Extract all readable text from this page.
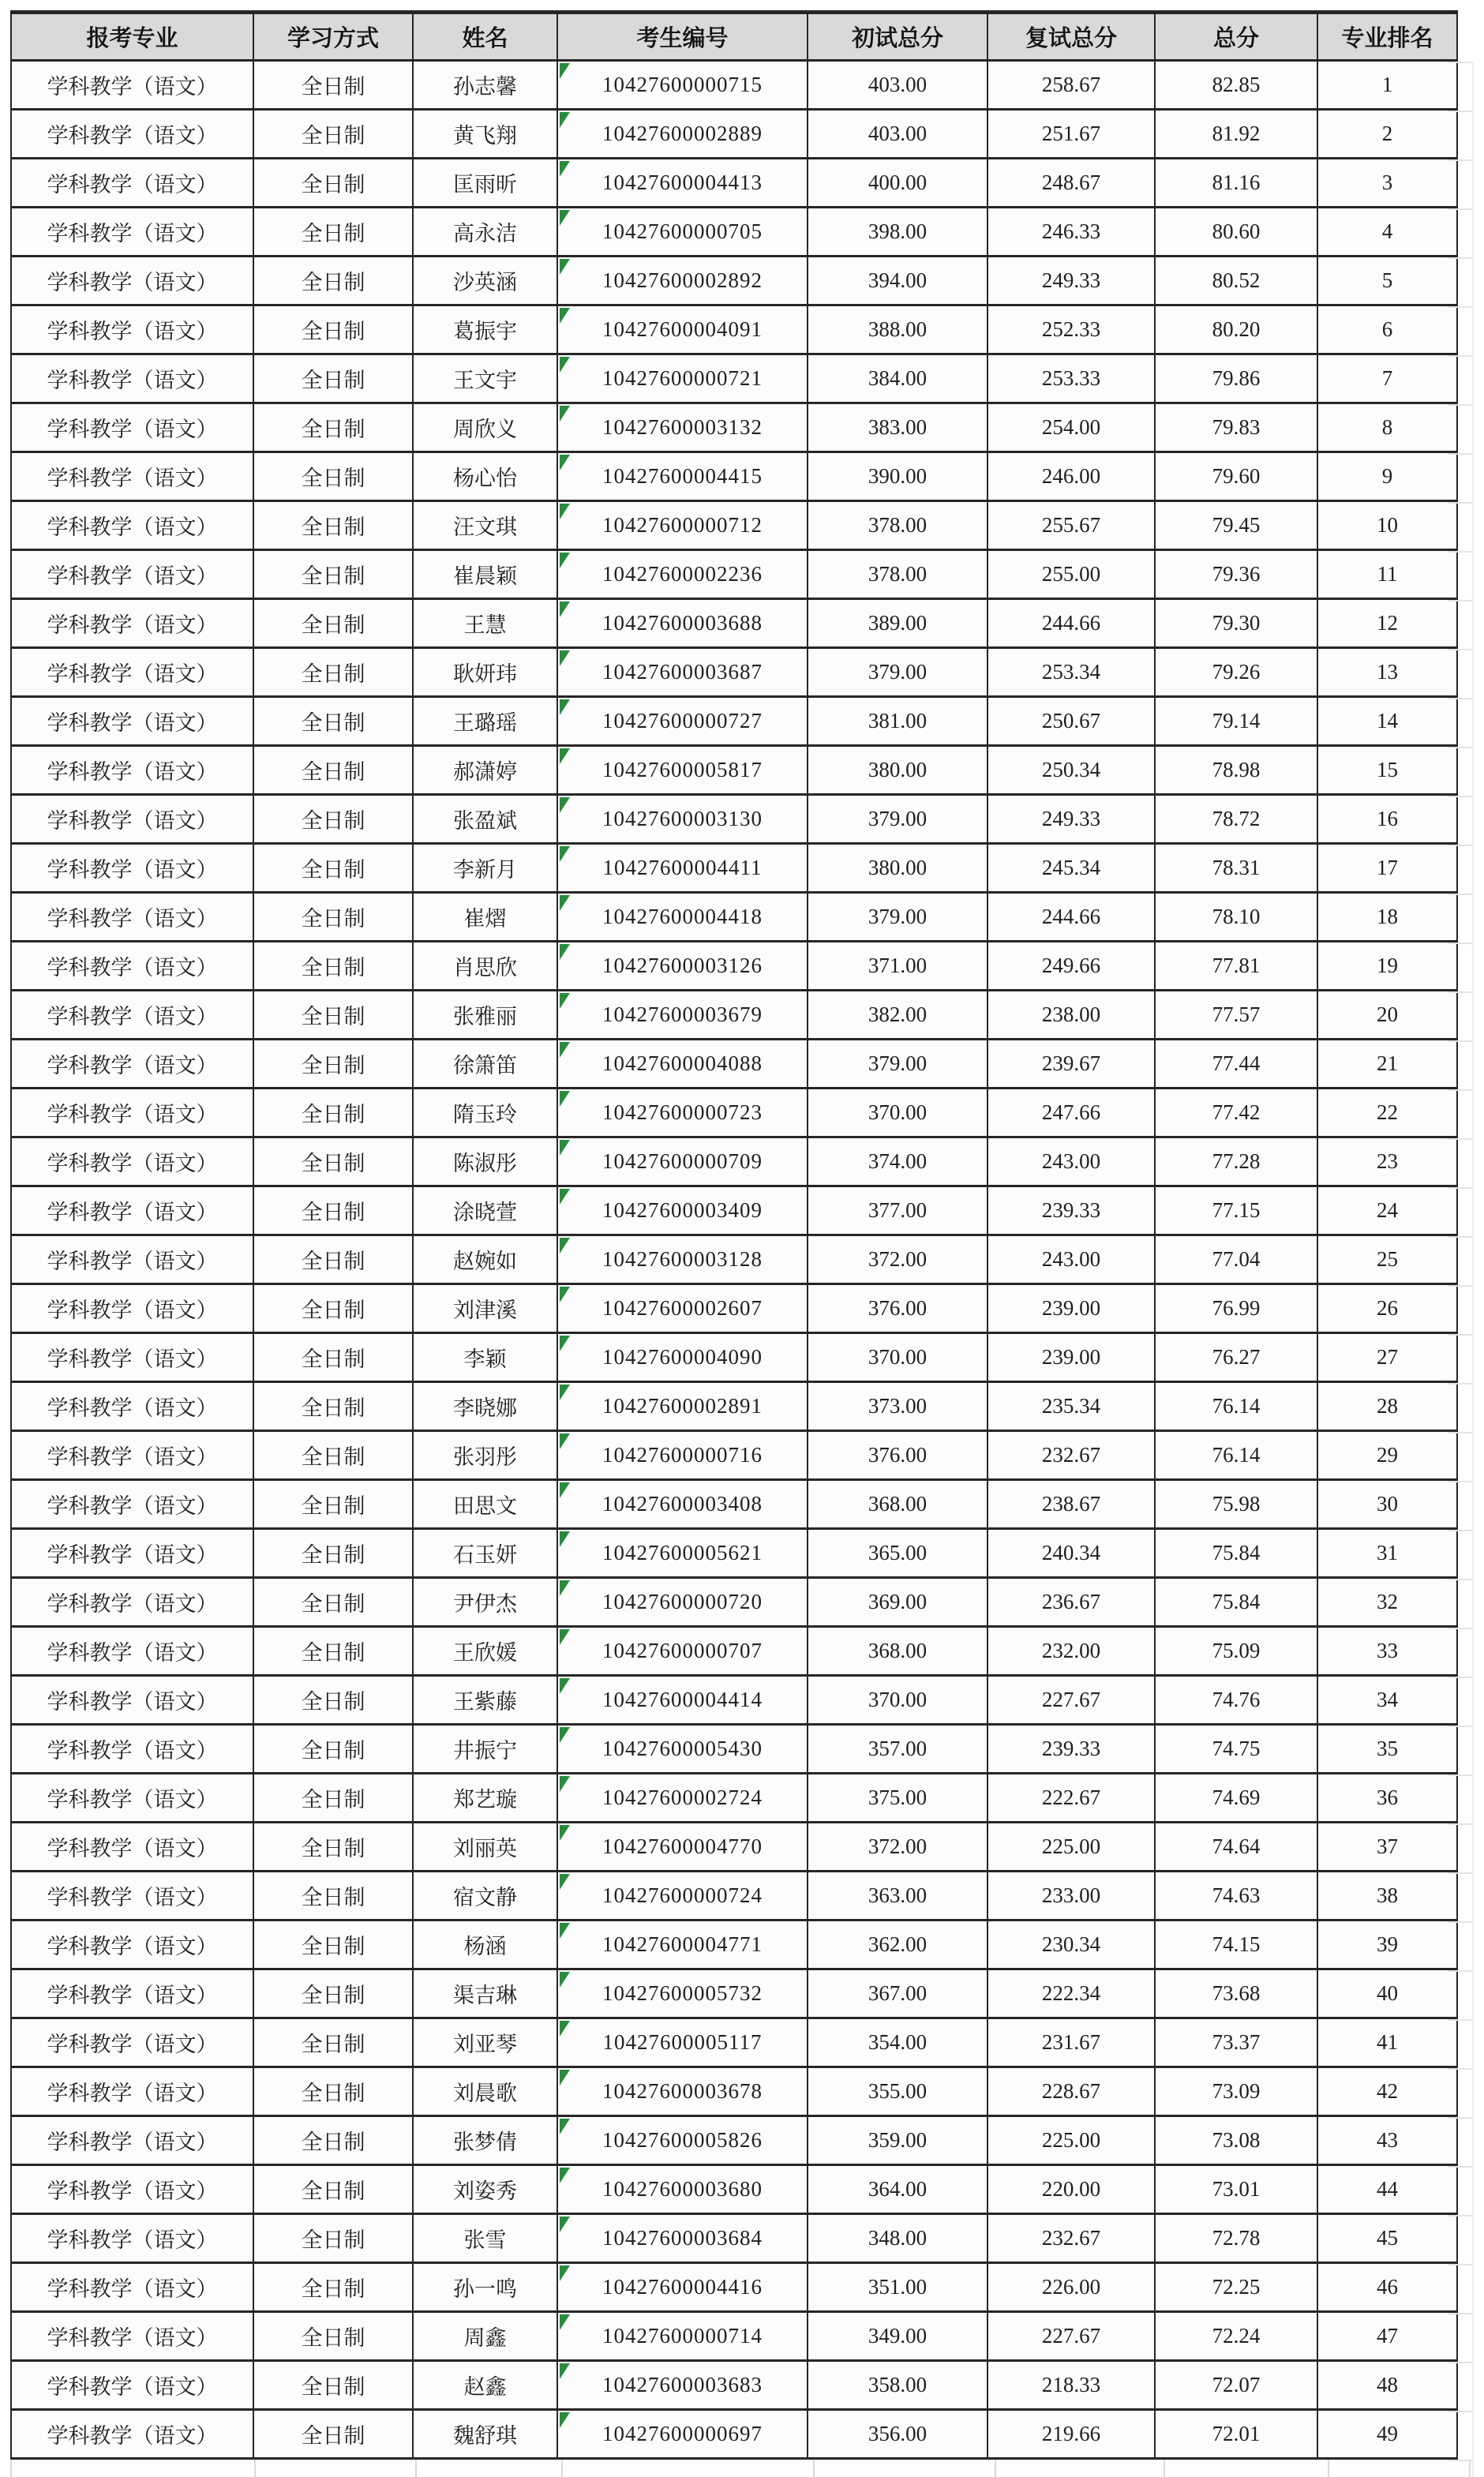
报考专业	学习方式	姓名	考生编号	初试总分	复试总分	总分	专业排名
学科教学（语文）	全日制	孙志馨	10427600000715	403.00	258.67	82.85	1
学科教学（语文）	全日制	黄飞翔	10427600002889	403.00	251.67	81.92	2
学科教学（语文）	全日制	匡雨昕	10427600004413	400.00	248.67	81.16	3
学科教学（语文）	全日制	高永洁	10427600000705	398.00	246.33	80.60	4
学科教学（语文）	全日制	沙英涵	10427600002892	394.00	249.33	80.52	5
学科教学（语文）	全日制	葛振宇	10427600004091	388.00	252.33	80.20	6
学科教学（语文）	全日制	王文宇	10427600000721	384.00	253.33	79.86	7
学科教学（语文）	全日制	周欣义	10427600003132	383.00	254.00	79.83	8
学科教学（语文）	全日制	杨心怡	10427600004415	390.00	246.00	79.60	9
学科教学（语文）	全日制	汪文琪	10427600000712	378.00	255.67	79.45	10
学科教学（语文）	全日制	崔晨颖	10427600002236	378.00	255.00	79.36	11
学科教学（语文）	全日制	王慧	10427600003688	389.00	244.66	79.30	12
学科教学（语文）	全日制	耿妍玮	10427600003687	379.00	253.34	79.26	13
学科教学（语文）	全日制	王璐瑶	10427600000727	381.00	250.67	79.14	14
学科教学（语文）	全日制	郝潇婷	10427600005817	380.00	250.34	78.98	15
学科教学（语文）	全日制	张盈斌	10427600003130	379.00	249.33	78.72	16
学科教学（语文）	全日制	李新月	10427600004411	380.00	245.34	78.31	17
学科教学（语文）	全日制	崔熠	10427600004418	379.00	244.66	78.10	18
学科教学（语文）	全日制	肖思欣	10427600003126	371.00	249.66	77.81	19
学科教学（语文）	全日制	张雅丽	10427600003679	382.00	238.00	77.57	20
学科教学（语文）	全日制	徐箫笛	10427600004088	379.00	239.67	77.44	21
学科教学（语文）	全日制	隋玉玲	10427600000723	370.00	247.66	77.42	22
学科教学（语文）	全日制	陈淑彤	10427600000709	374.00	243.00	77.28	23
学科教学（语文）	全日制	涂晓萱	10427600003409	377.00	239.33	77.15	24
学科教学（语文）	全日制	赵婉如	10427600003128	372.00	243.00	77.04	25
学科教学（语文）	全日制	刘津溪	10427600002607	376.00	239.00	76.99	26
学科教学（语文）	全日制	李颖	10427600004090	370.00	239.00	76.27	27
学科教学（语文）	全日制	李晓娜	10427600002891	373.00	235.34	76.14	28
学科教学（语文）	全日制	张羽彤	10427600000716	376.00	232.67	76.14	29
学科教学（语文）	全日制	田思文	10427600003408	368.00	238.67	75.98	30
学科教学（语文）	全日制	石玉妍	10427600005621	365.00	240.34	75.84	31
学科教学（语文）	全日制	尹伊杰	10427600000720	369.00	236.67	75.84	32
学科教学（语文）	全日制	王欣媛	10427600000707	368.00	232.00	75.09	33
学科教学（语文）	全日制	王紫藤	10427600004414	370.00	227.67	74.76	34
学科教学（语文）	全日制	井振宁	10427600005430	357.00	239.33	74.75	35
学科教学（语文）	全日制	郑艺璇	10427600002724	375.00	222.67	74.69	36
学科教学（语文）	全日制	刘丽英	10427600004770	372.00	225.00	74.64	37
学科教学（语文）	全日制	宿文静	10427600000724	363.00	233.00	74.63	38
学科教学（语文）	全日制	杨涵	10427600004771	362.00	230.34	74.15	39
学科教学（语文）	全日制	渠吉琳	10427600005732	367.00	222.34	73.68	40
学科教学（语文）	全日制	刘亚琴	10427600005117	354.00	231.67	73.37	41
学科教学（语文）	全日制	刘晨歌	10427600003678	355.00	228.67	73.09	42
学科教学（语文）	全日制	张梦倩	10427600005826	359.00	225.00	73.08	43
学科教学（语文）	全日制	刘姿秀	10427600003680	364.00	220.00	73.01	44
学科教学（语文）	全日制	张雪	10427600003684	348.00	232.67	72.78	45
学科教学（语文）	全日制	孙一鸣	10427600004416	351.00	226.00	72.25	46
学科教学（语文）	全日制	周鑫	10427600000714	349.00	227.67	72.24	47
学科教学（语文）	全日制	赵鑫	10427600003683	358.00	218.33	72.07	48
学科教学（语文）	全日制	魏舒琪	10427600000697	356.00	219.66	72.01	49
